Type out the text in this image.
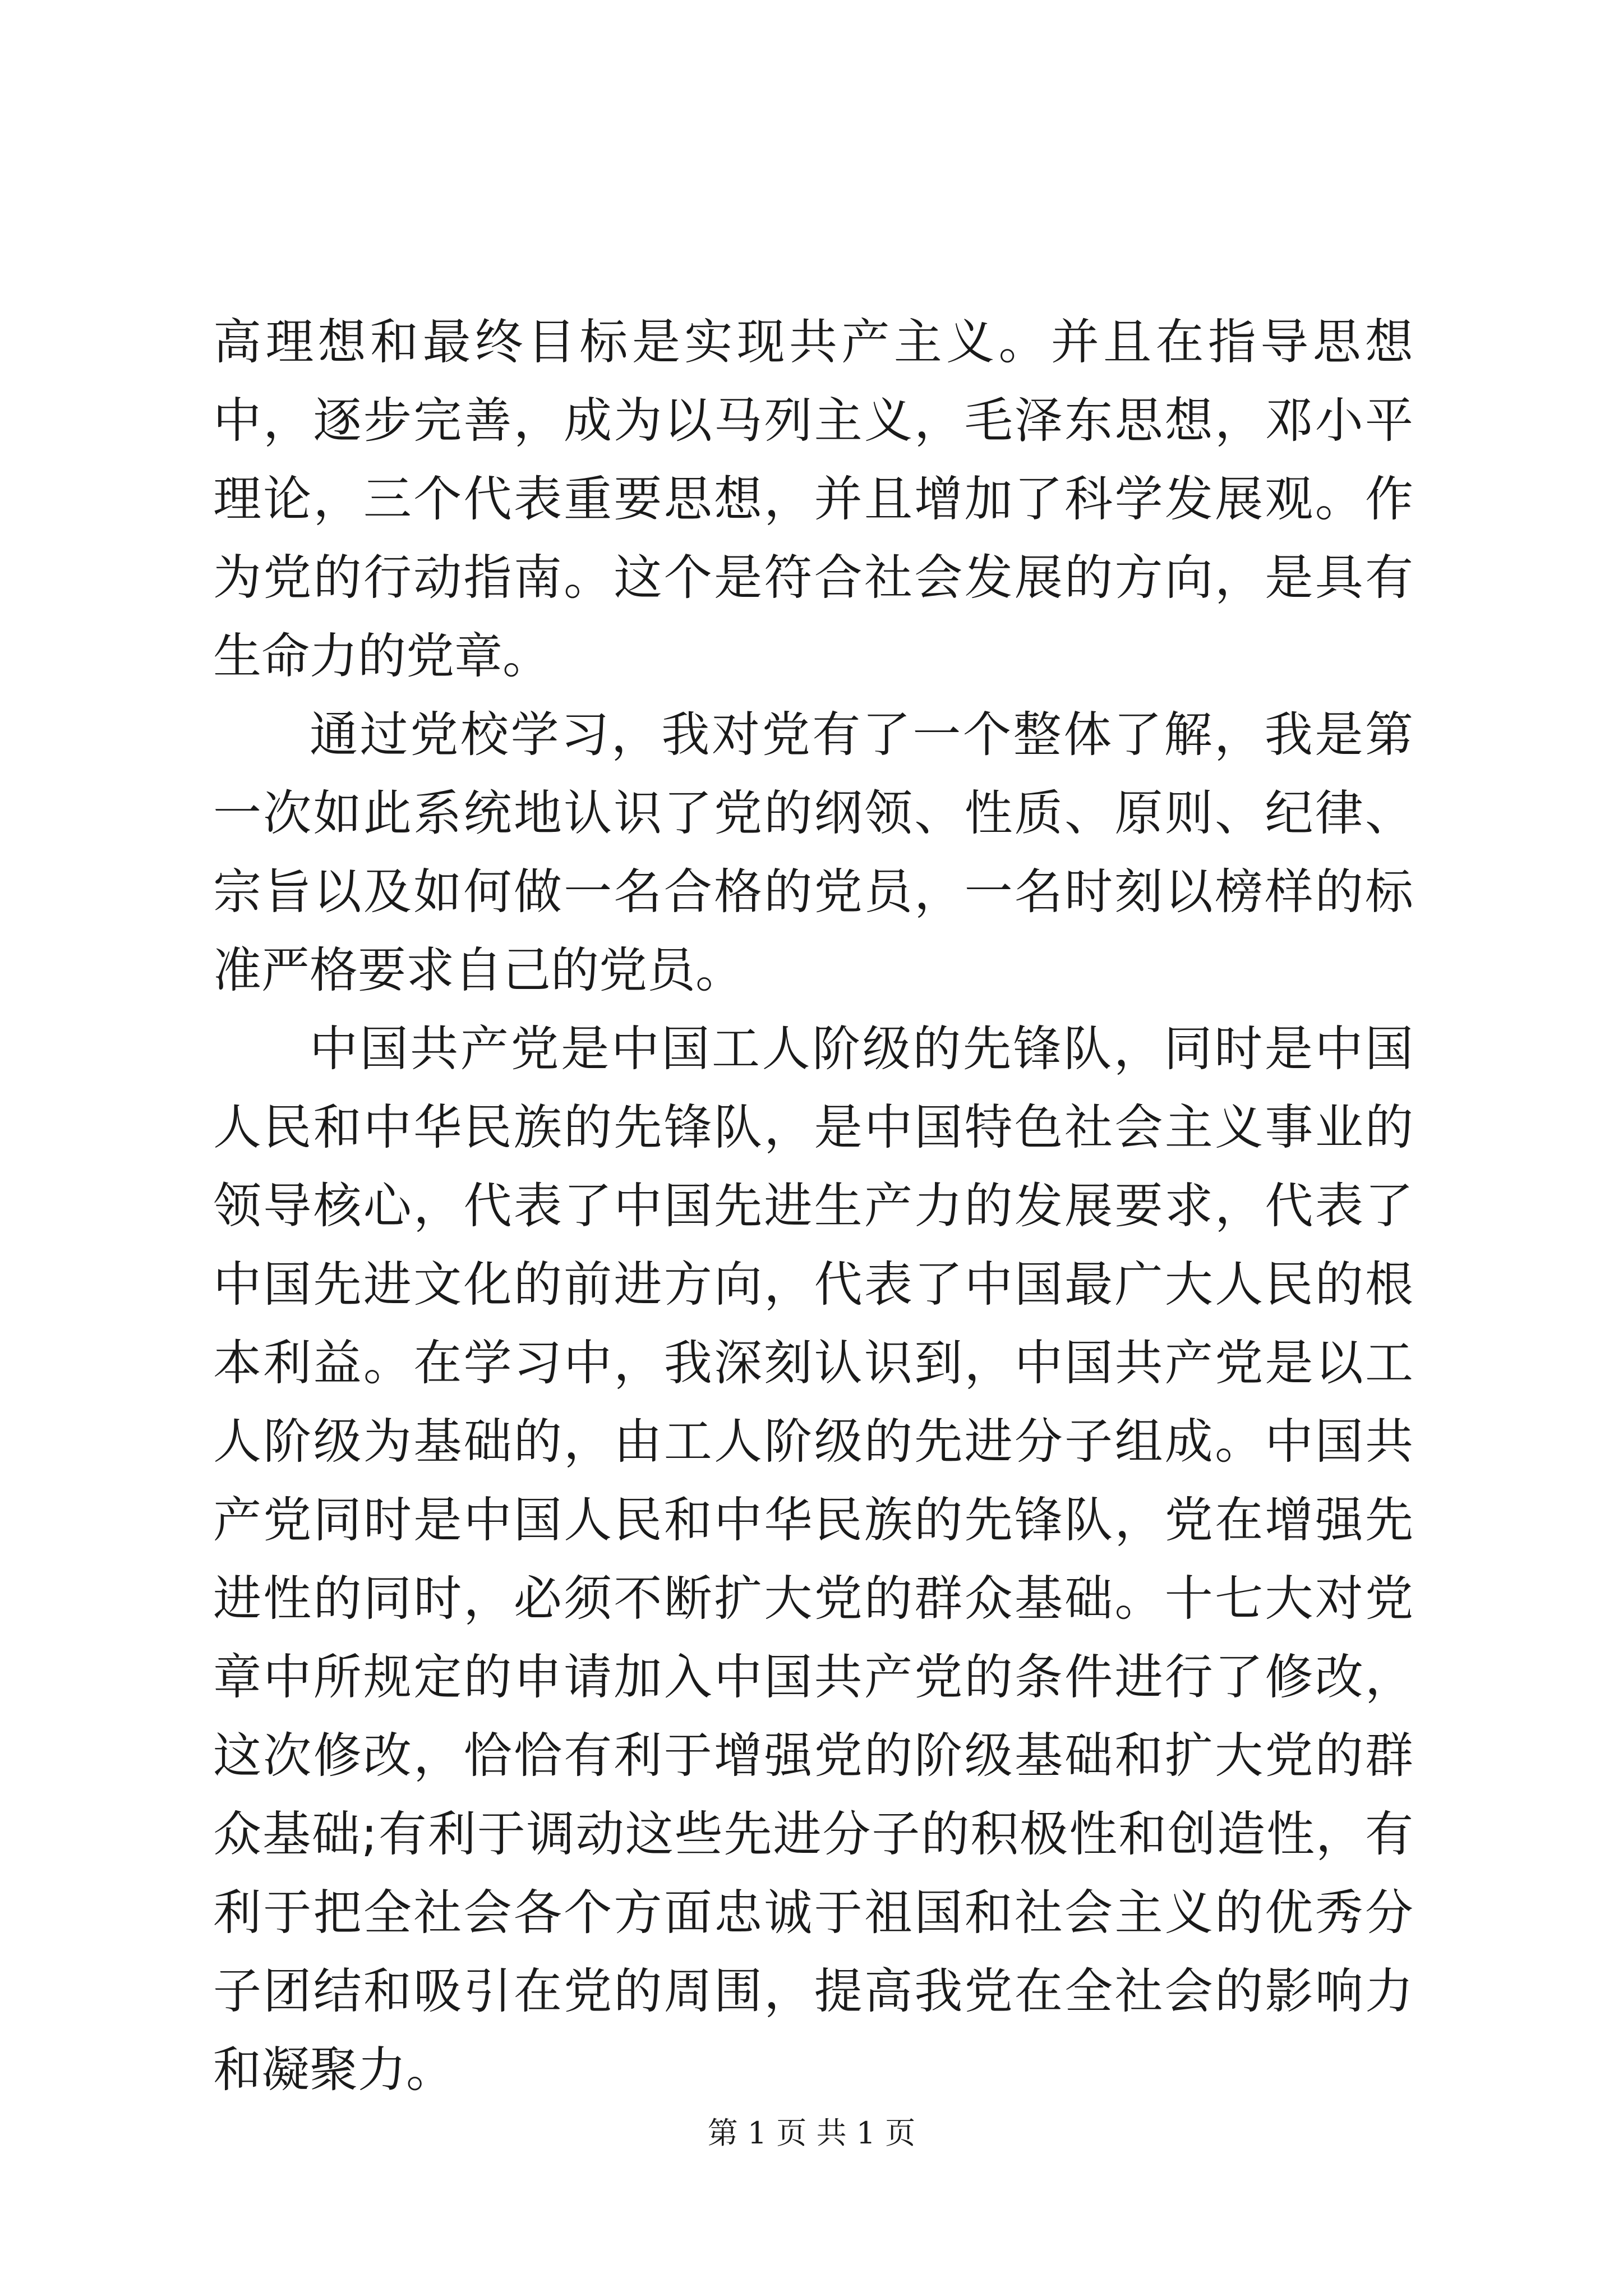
高理想和最终目标是实现共产主义。并且在指导思想中，逐步完善，成为以马列主义，毛泽东思想，邓小平理论，三个代表重要思想，并且增加了科学发展观。作为党的行动指南。这个是符合社会发展的方向，是具有生命力的党章。

通过党校学习，我对党有了一个整体了解，我是第一次如此系统地认识了党的纲领、性质、原则、纪律、宗旨以及如何做一名合格的党员，一名时刻以榜样的标准严格要求自己的党员。

中国共产党是中国工人阶级的先锋队，同时是中国人民和中华民族的先锋队，是中国特色社会主义事业的领导核心，代表了中国先进生产力的发展要求，代表了中国先进文化的前进方向，代表了中国最广大人民的根本利益。在学习中，我深刻认识到，中国共产党是以工人阶级为基础的，由工人阶级的先进分子组成。中国共产党同时是中国人民和中华民族的先锋队，党在增强先进性的同时，必须不断扩大党的群众基础。十七大对党章中所规定的申请加入中国共产党的条件进行了修改，这次修改，恰恰有利于增强党的阶级基础和扩大党的群众基础;有利于调动这些先进分子的积极性和创造性，有利于把全社会各个方面忠诚于祖国和社会主义的优秀分子团结和吸引在党的周围，提高我党在全社会的影响力和凝聚力。

第 1 页 共 1 页
